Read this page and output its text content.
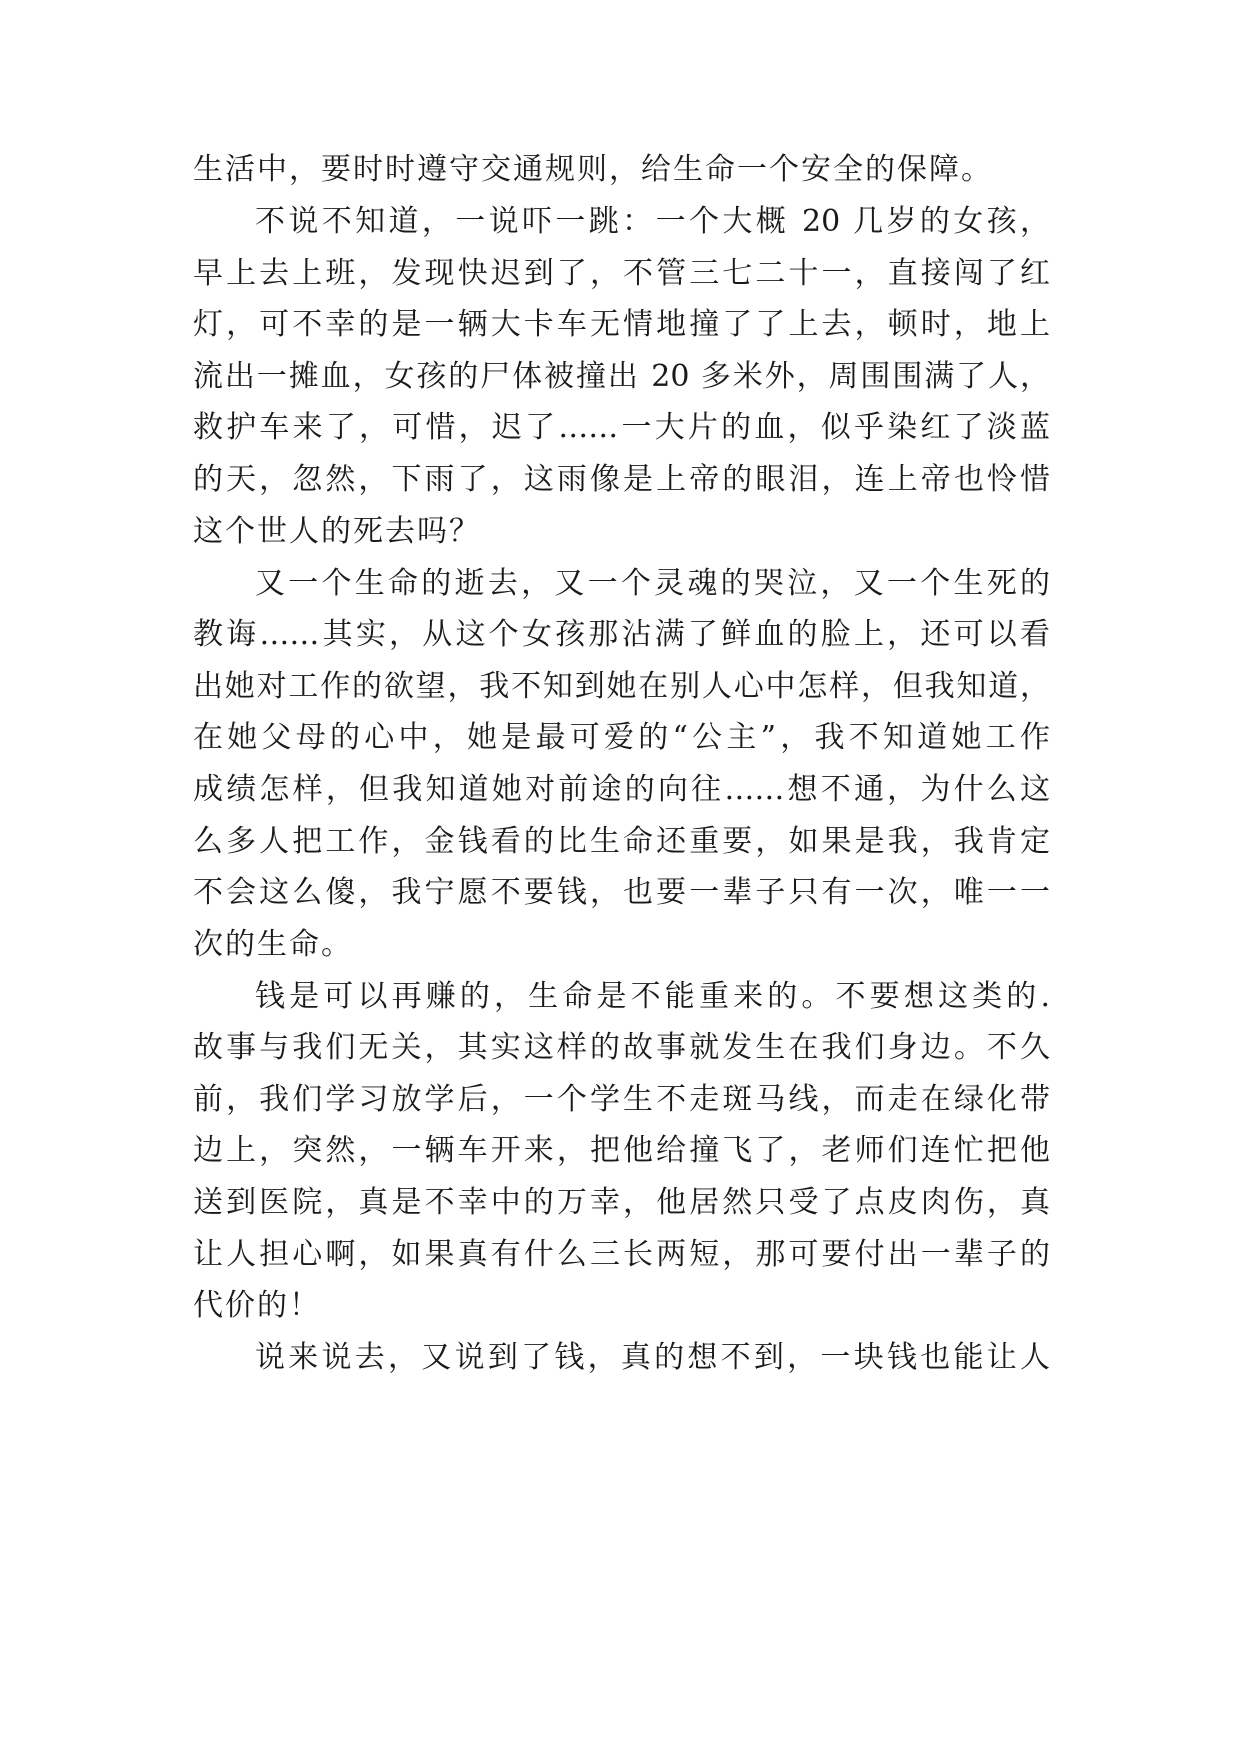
生活中，要时时遵守交通规则，给生命一个安全的保障。

不说不知道，一说吓一跳：一个大概 20 几岁的女孩，

早上去上班，发现快迟到了，不管三七二十一，直接闯了红

灯，可不幸的是一辆大卡车无情地撞了了上去，顿时，地上

流出一摊血，女孩的尸体被撞出 20 多米外，周围围满了人，

救护车来了，可惜，迟了……一大片的血，似乎染红了淡蓝

的天，忽然，下雨了，这雨像是上帝的眼泪，连上帝也怜惜

这个世人的死去吗？

又一个生命的逝去，又一个灵魂的哭泣，又一个生死的

教诲……其实，从这个女孩那沾满了鲜血的脸上，还可以看

出她对工作的欲望，我不知到她在别人心中怎样，但我知道，

在她父母的心中，她是最可爱的“公主”，我不知道她工作

成绩怎样，但我知道她对前途的向往……想不通，为什么这

么多人把工作，金钱看的比生命还重要，如果是我，我肯定

不会这么傻，我宁愿不要钱，也要一辈子只有一次，唯一一

次的生命。

钱是可以再赚的，生命是不能重来的。不要想这类的.

故事与我们无关，其实这样的故事就发生在我们身边。不久

前，我们学习放学后，一个学生不走斑马线，而走在绿化带

边上，突然，一辆车开来，把他给撞飞了，老师们连忙把他

送到医院，真是不幸中的万幸，他居然只受了点皮肉伤，真

让人担心啊，如果真有什么三长两短，那可要付出一辈子的

代价的！

说来说去，又说到了钱，真的想不到，一块钱也能让人
